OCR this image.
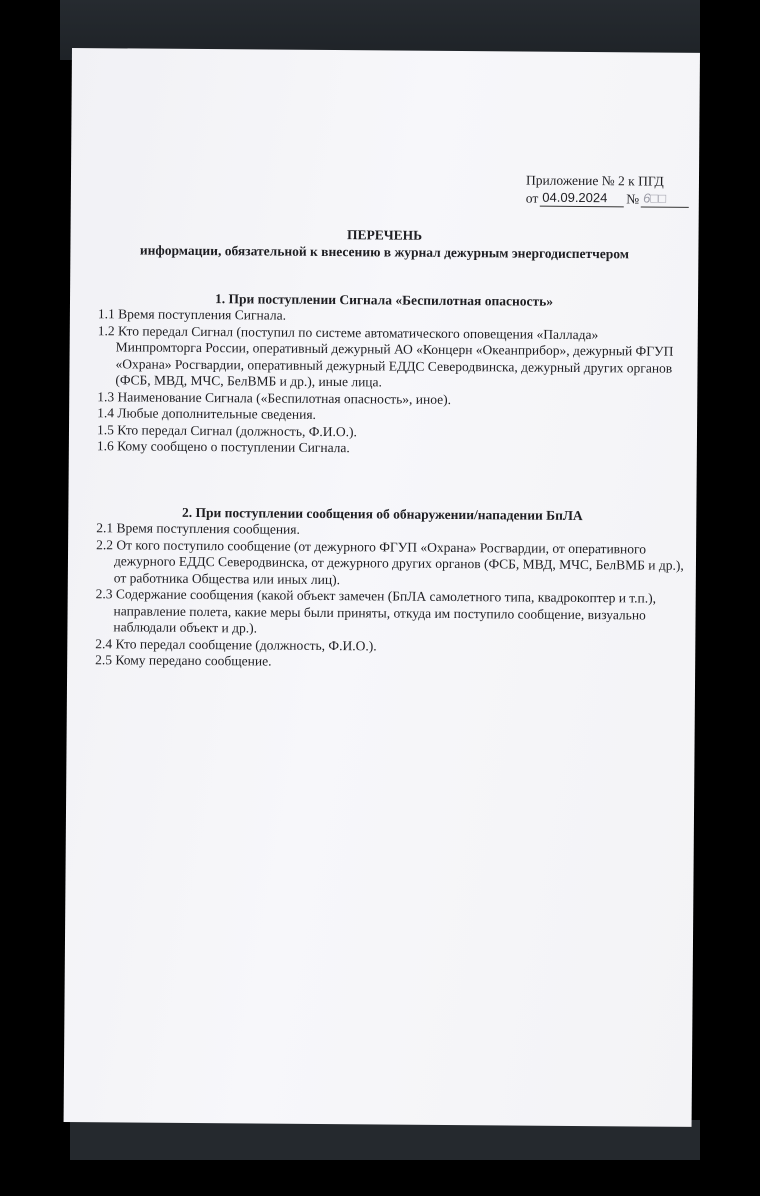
Приложение № 2 к ПГД
от 04.09.2024	№ 6□□
ПЕРЕЧЕНЬ
информации, обязательной к внесению в журнал дежурным энергодиспетчером
1. При поступлении Сигнала «Беспилотная опасность»
1.1 Время поступления Сигнала.
1.2 Кто передал Сигнал (поступил по системе автоматического оповещения «Паллада» Минпромторга России, оперативный дежурный АО «Концерн «Океанприбор», дежурный ФГУП «Охрана» Росгвардии, оперативный дежурный ЕДДС Северодвинска, дежурный других органов (ФСБ, МВД, МЧС, БелВМБ и др.), иные лица.
1.3 Наименование Сигнала («Беспилотная опасность», иное).
1.4 Любые дополнительные сведения.
1.5 Кто передал Сигнал (должность, Ф.И.О.).
1.6 Кому сообщено о поступлении Сигнала.
2. При поступлении сообщения об обнаружении/нападении БпЛА
2.1 Время поступления сообщения.
2.2 От кого поступило сообщение (от дежурного ФГУП «Охрана» Росгвардии, от оперативного дежурного ЕДДС Северодвинска, от дежурного других органов (ФСБ, МВД, МЧС, БелВМБ и др.), от работника Общества или иных лиц).
2.3 Содержание сообщения (какой объект замечен (БпЛА самолетного типа, квадрокоптер и т.п.), направление полета, какие меры были приняты, откуда им поступило сообщение, визуально наблюдали объект и др.).
2.4 Кто передал сообщение (должность, Ф.И.О.).
2.5 Кому передано сообщение.
